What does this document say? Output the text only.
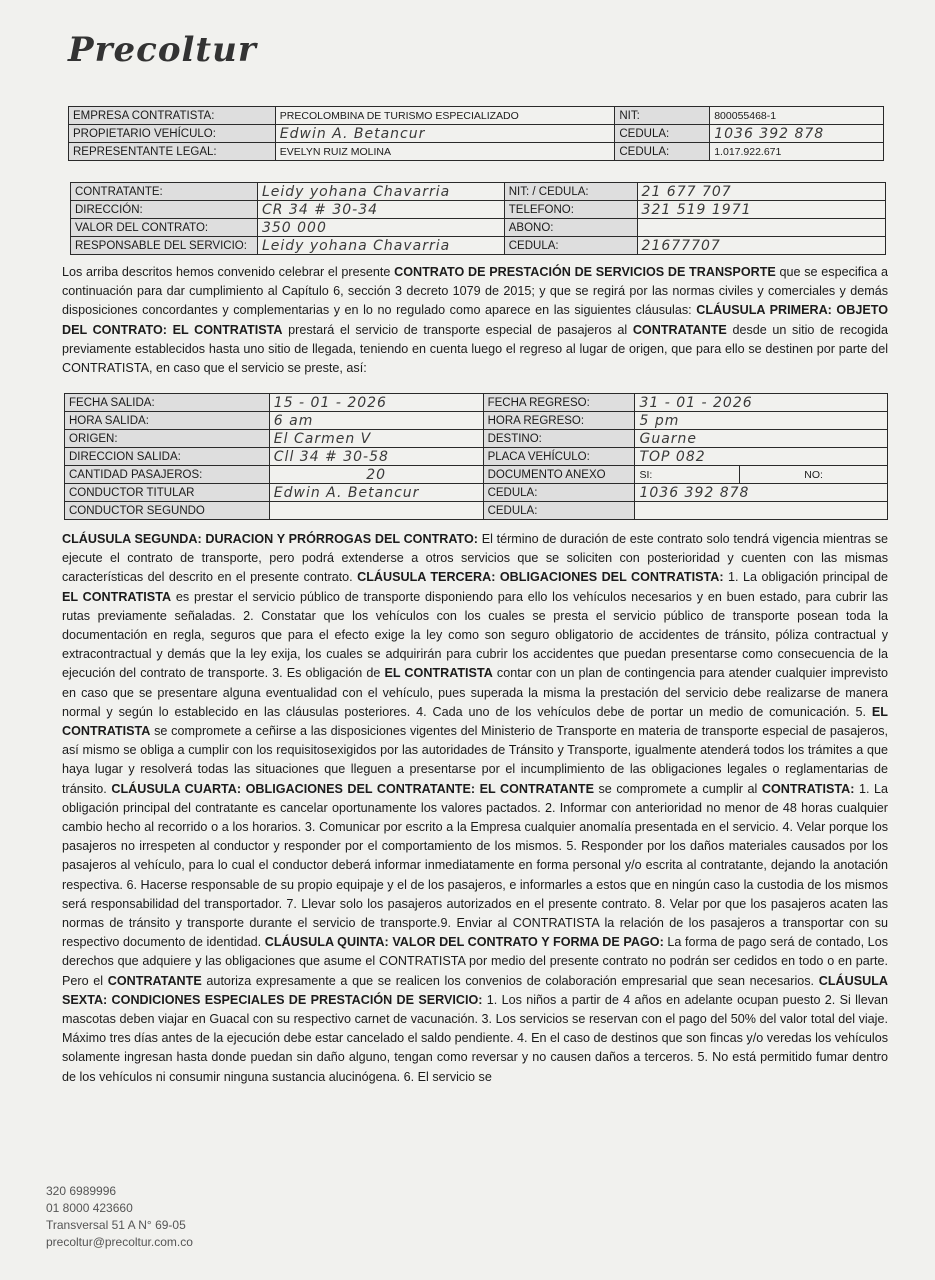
Precoltur
EMPRESA CONTRATISTA:	PRECOLOMBINA DE TURISMO ESPECIALIZADO	NIT:	800055468-1
PROPIETARIO VEHÍCULO:	Edwin A. Betancur	CEDULA:	1036 392 878
REPRESENTANTE LEGAL:	EVELYN RUIZ MOLINA	CEDULA:	1.017.922.671
CONTRATANTE:	Leidy yohana Chavarria	NIT: / CEDULA:	21 677 707
DIRECCIÓN:	CR 34 # 30-34	TELEFONO:	321 519 1971
VALOR DEL CONTRATO:	350 000	ABONO:	
RESPONSABLE DEL SERVICIO:	Leidy yohana Chavarria	CEDULA:	21677707

Los arriba descritos hemos convenido celebrar el presente CONTRATO DE PRESTACIÓN DE SERVICIOS DE TRANSPORTE que se especifica a continuación para dar cumplimiento al Capítulo 6, sección 3 decreto 1079 de 2015; y que se regirá por las normas civiles y comerciales y demás disposiciones concordantes y complementarias y en lo no regulado como aparece en las siguientes cláusulas: CLÁUSULA PRIMERA: OBJETO DEL CONTRATO: EL CONTRATISTA prestará el servicio de transporte especial de pasajeros al CONTRATANTE desde un sitio de recogida previamente establecidos hasta uno sitio de llegada, teniendo en cuenta luego el regreso al lugar de origen, que para ello se destinen por parte del CONTRATISTA, en caso que el servicio se preste, así:

FECHA SALIDA:	15 - 01 - 2026	FECHA REGRESO:	31 - 01 - 2026	
HORA SALIDA:	6 am	HORA REGRESO:	5 pm	
ORIGEN:	El Carmen V	DESTINO:	Guarne	
DIRECCION SALIDA:	Cll 34 # 30-58	PLACA VEHÍCULO:	TOP 082	
CANTIDAD PASAJEROS:	20	DOCUMENTO ANEXO	SI:	NO:
CONDUCTOR TITULAR	Edwin A. Betancur	CEDULA:	1036 392 878	
CONDUCTOR SEGUNDO		CEDULA:		

CLÁUSULA SEGUNDA: DURACION Y PRÓRROGAS DEL CONTRATO: El término de duración de este contrato solo tendrá vigencia mientras se ejecute el contrato de transporte, pero podrá extenderse a otros servicios que se soliciten con posterioridad y cuenten con las mismas características del descrito en el presente contrato. CLÁUSULA TERCERA: OBLIGACIONES DEL CONTRATISTA: 1. La obligación principal de EL CONTRATISTA es prestar el servicio público de transporte disponiendo para ello los vehículos necesarios y en buen estado, para cubrir las rutas previamente señaladas. 2. Constatar que los vehículos con los cuales se presta el servicio público de transporte posean toda la documentación en regla, seguros que para el efecto exige la ley como son seguro obligatorio de accidentes de tránsito, póliza contractual y extracontractual y demás que la ley exija, los cuales se adquirirán para cubrir los accidentes que puedan presentarse como consecuencia de la ejecución del contrato de transporte. 3. Es obligación de EL CONTRATISTA contar con un plan de contingencia para atender cualquier imprevisto en caso que se presentare alguna eventualidad con el vehículo, pues superada la misma la prestación del servicio debe realizarse de manera normal y según lo establecido en las cláusulas posteriores. 4. Cada uno de los vehículos debe de portar un medio de comunicación. 5. EL CONTRATISTA se compromete a ceñirse a las disposiciones vigentes del Ministerio de Transporte en materia de transporte especial de pasajeros, así mismo se obliga a cumplir con los requisitosexigidos por las autoridades de Tránsito y Transporte, igualmente atenderá todos los trámites a que haya lugar y resolverá todas las situaciones que lleguen a presentarse por el incumplimiento de las obligaciones legales o reglamentarias de tránsito. CLÁUSULA CUARTA: OBLIGACIONES DEL CONTRATANTE: EL CONTRATANTE se compromete a cumplir al CONTRATISTA: 1. La obligación principal del contratante es cancelar oportunamente los valores pactados. 2. Informar con anterioridad no menor de 48 horas cualquier cambio hecho al recorrido o a los horarios. 3. Comunicar por escrito a la Empresa cualquier anomalía presentada en el servicio. 4. Velar porque los pasajeros no irrespeten al conductor y responder por el comportamiento de los mismos. 5. Responder por los daños materiales causados por los pasajeros al vehículo, para lo cual el conductor deberá informar inmediatamente en forma personal y/o escrita al contratante, dejando la anotación respectiva. 6. Hacerse responsable de su propio equipaje y el de los pasajeros, e informarles a estos que en ningún caso la custodia de los mismos será responsabilidad del transportador. 7. Llevar solo los pasajeros autorizados en el presente contrato. 8. Velar por que los pasajeros acaten las normas de tránsito y transporte durante el servicio de transporte.9. Enviar al CONTRATISTA la relación de los pasajeros a transportar con su respectivo documento de identidad. CLÁUSULA QUINTA: VALOR DEL CONTRATO Y FORMA DE PAGO: La forma de pago será de contado, Los derechos que adquiere y las obligaciones que asume el CONTRATISTA por medio del presente contrato no podrán ser cedidos en todo o en parte. Pero el CONTRATANTE autoriza expresamente a que se realicen los convenios de colaboración empresarial que sean necesarios. CLÁUSULA SEXTA: CONDICIONES ESPECIALES DE PRESTACIÓN DE SERVICIO: 1. Los niños a partir de 4 años en adelante ocupan puesto 2. Si llevan mascotas deben viajar en Guacal con su respectivo carnet de vacunación. 3. Los servicios se reservan con el pago del 50% del valor total del viaje. Máximo tres días antes de la ejecución debe estar cancelado el saldo pendiente. 4. En el caso de destinos que son fincas y/o veredas los vehículos solamente ingresan hasta donde puedan sin daño alguno, tengan como reversar y no causen daños a terceros. 5. No está permitido fumar dentro de los vehículos ni consumir ninguna sustancia alucinógena. 6. El servicio se

320 6989996
01 8000 423660
Transversal 51 A N° 69-05
precoltur@precoltur.com.co
